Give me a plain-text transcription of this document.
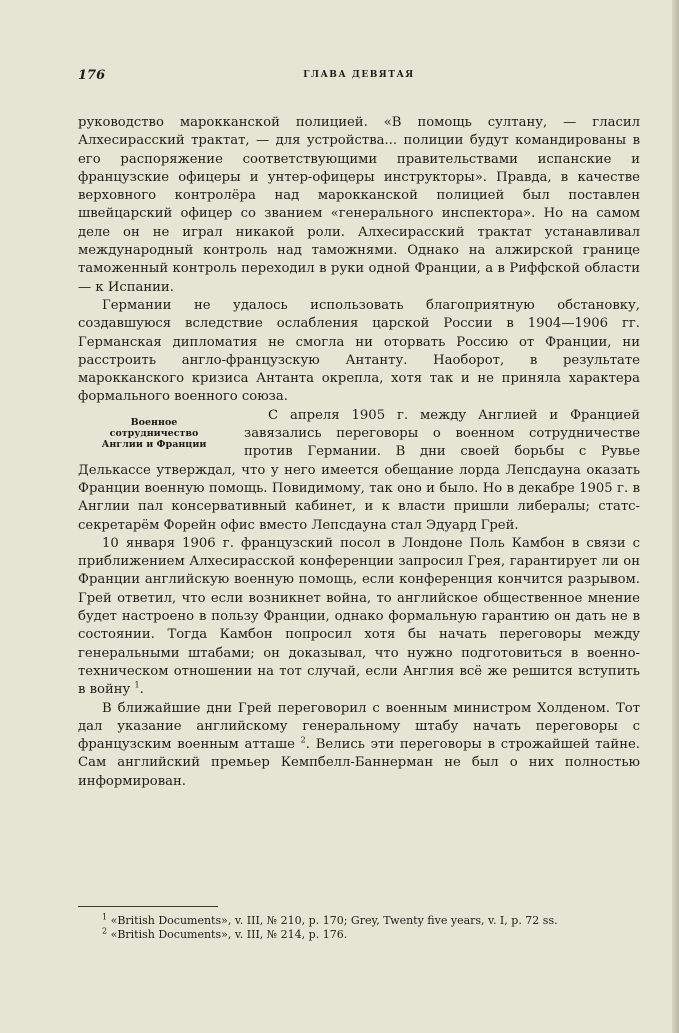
176	ГЛАВА ДЕВЯТАЯ

руководство марокканской полицией. «В помощь султану, — гласил Алхесирасский трактат, — для устройства... полиции будут командированы в его распоряжение соответствующими правительствами испанские и французские офицеры и унтер-офицеры инструкторы». Правда, в качестве верховного контролёра над марокканской полицией был поставлен швейцарский офицер со званием «генерального инспектора». Но на самом деле он не играл никакой роли. Алхесирасский трактат устанавливал международный контроль над таможнями. Однако на алжирской границе таможенный контроль переходил в руки одной Франции, а в Риффской области — к Испании.

Германии не удалось использовать благоприятную обстановку, создавшуюся вследствие ослабления царской России в 1904—1906 гг. Германская дипломатия не смогла ни оторвать Россию от Франции, ни расстроить англо-французскую Антанту. Наоборот, в результате марокканского кризиса Антанта окрепла, хотя так и не приняла характера формального военного союза.

Военное
сотрудничество
Англии и Франции

С апреля 1905 г. между Англией и Францией завязались переговоры о военном сотрудничестве против Германии. В дни своей борьбы с Рувье Делькассе утверждал, что у него имеется обещание лорда Лепсдауна оказать Франции военную помощь. Повидимому, так оно и было. Но в декабре 1905 г. в Англии пал консервативный кабинет, и к власти пришли либералы; статс-секретарём Форейн офис вместо Лепсдауна стал Эдуард Грей.

10 января 1906 г. французский посол в Лондоне Поль Камбон в связи с приближением Алхесирасской конференции запросил Грея, гарантирует ли он Франции английскую военную помощь, если конференция кончится разрывом. Грей ответил, что если возникнет война, то английское общественное мнение будет настроено в пользу Франции, однако формальную гарантию он дать не в состоянии. Тогда Камбон попросил хотя бы начать переговоры между генеральными штабами; он доказывал, что нужно подготовиться в военно-техническом отношении на тот случай, если Англия всё же решится вступить в войну $^1$.

В ближайшие дни Грей переговорил с военным министром Холденом. Тот дал указание английскому генеральному штабу начать переговоры с французским военным атташе $^2$. Велись эти переговоры в строжайшей тайне. Сам английский премьер Кемпбелл-Баннерман не был о них полностью информирован.

$^1$ «British Documents», v. III, № 210, p. 170; Grey, Twenty five years, v. I, p. 72 ss.

$^2$ «British Documents», v. III, № 214, p. 176.
